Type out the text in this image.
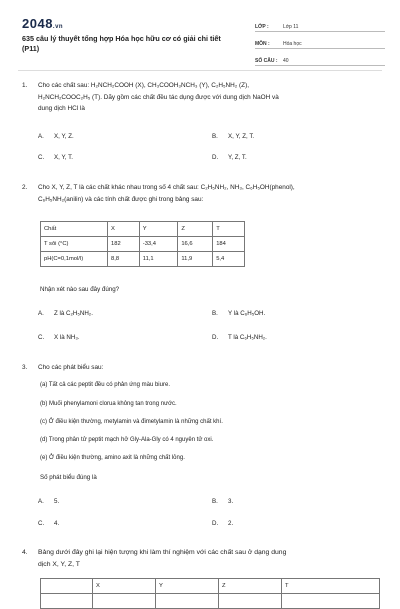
2048.vn
635 câu lý thuyết tổng hợp Hóa học hữu cơ có giải chi tiết (P11)
LỚP :	Lớp 11
MÔN :	Hóa học
SỐ CÂU :	40
1. Cho các chất sau: H₂NCH₂COOH (X), CH₃COOH₃NCH₃ (Y), C₂H₅NH₂ (Z),
H₂NCH₂COOC₂H₅ (T). Dãy gồm các chất đều tác dụng được với dung dịch NaOH và
dung dịch HCl là
A. X, Y, Z.	B. X, Y, Z, T.
C. X, Y, T.	D. Y, Z, T.
2. Cho X, Y, Z, T là các chất khác nhau trong số 4 chất sau: C₂H₅NH₂, NH₃, C₆H₅OH(phenol),
C₆H₅NH₂(anilin) và các tính chất được ghi trong bảng sau:
Chất	X	Y	Z	T
T sôi (°C)	182	-33,4	16,6	184
pH(C=0,1mol/l)	8,8	11,1	11,9	5,4
Nhận xét nào sau đây đúng?
A. Z là C₂H₅NH₂.	B. Y là C₆H₅OH.
C. X là NH₃.	D. T là C₆H₅NH₂.
3. Cho các phát biểu sau:
(a) Tất cả các peptit đều có phản ứng màu biure.
(b) Muối phenylamoni clorua không tan trong nước.
(c) Ở điều kiện thường, metylamin và đimetylamin là những chất khí.
(d) Trong phân tử peptit mạch hở Gly-Ala-Gly có 4 nguyên tử oxi.
(e) Ở điều kiện thường, amino axit là những chất lỏng.
Số phát biểu đúng là
A. 5.	B. 3.
C. 4.	D. 2.
4. Bảng dưới đây ghi lại hiện tượng khi làm thí nghiệm với các chất sau ở dạng dung
dịch X, Y, Z, T
	X	Y	Z	T
